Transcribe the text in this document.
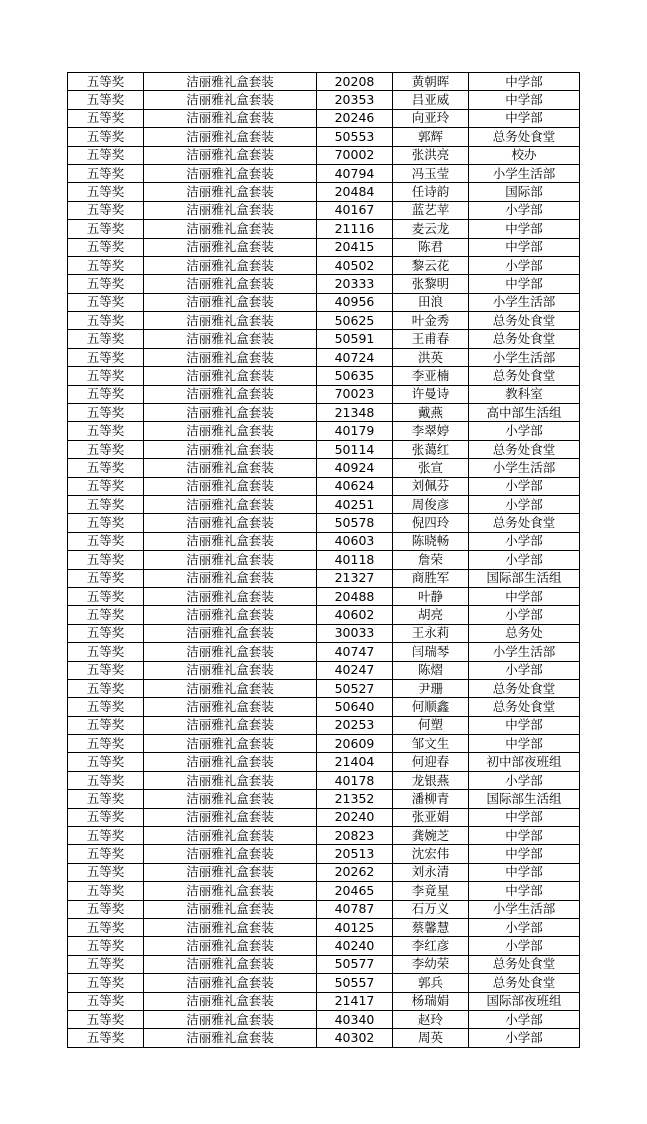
五等奖	洁丽雅礼盒套装	20208	黄朝晖	中学部
五等奖	洁丽雅礼盒套装	20353	吕亚威	中学部
五等奖	洁丽雅礼盒套装	20246	向亚玲	中学部
五等奖	洁丽雅礼盒套装	50553	郭辉	总务处食堂
五等奖	洁丽雅礼盒套装	70002	张洪亮	校办
五等奖	洁丽雅礼盒套装	40794	冯玉莹	小学生活部
五等奖	洁丽雅礼盒套装	20484	任诗韵	国际部
五等奖	洁丽雅礼盒套装	40167	蓝艺苹	小学部
五等奖	洁丽雅礼盒套装	21116	麦云龙	中学部
五等奖	洁丽雅礼盒套装	20415	陈君	中学部
五等奖	洁丽雅礼盒套装	40502	黎云花	小学部
五等奖	洁丽雅礼盒套装	20333	张黎明	中学部
五等奖	洁丽雅礼盒套装	40956	田浪	小学生活部
五等奖	洁丽雅礼盒套装	50625	叶金秀	总务处食堂
五等奖	洁丽雅礼盒套装	50591	王甫春	总务处食堂
五等奖	洁丽雅礼盒套装	40724	洪英	小学生活部
五等奖	洁丽雅礼盒套装	50635	李亚楠	总务处食堂
五等奖	洁丽雅礼盒套装	70023	许曼诗	教科室
五等奖	洁丽雅礼盒套装	21348	戴燕	高中部生活组
五等奖	洁丽雅礼盒套装	40179	李翠婷	小学部
五等奖	洁丽雅礼盒套装	50114	张蔼红	总务处食堂
五等奖	洁丽雅礼盒套装	40924	张宣	小学生活部
五等奖	洁丽雅礼盒套装	40624	刘佩芬	小学部
五等奖	洁丽雅礼盒套装	40251	周俊彦	小学部
五等奖	洁丽雅礼盒套装	50578	倪四玲	总务处食堂
五等奖	洁丽雅礼盒套装	40603	陈晓畅	小学部
五等奖	洁丽雅礼盒套装	40118	詹荣	小学部
五等奖	洁丽雅礼盒套装	21327	商胜军	国际部生活组
五等奖	洁丽雅礼盒套装	20488	叶静	中学部
五等奖	洁丽雅礼盒套装	40602	胡亮	小学部
五等奖	洁丽雅礼盒套装	30033	王永莉	总务处
五等奖	洁丽雅礼盒套装	40747	闫瑞琴	小学生活部
五等奖	洁丽雅礼盒套装	40247	陈熠	小学部
五等奖	洁丽雅礼盒套装	50527	尹珊	总务处食堂
五等奖	洁丽雅礼盒套装	50640	何顺鑫	总务处食堂
五等奖	洁丽雅礼盒套装	20253	何塑	中学部
五等奖	洁丽雅礼盒套装	20609	邹文生	中学部
五等奖	洁丽雅礼盒套装	21404	何迎春	初中部夜班组
五等奖	洁丽雅礼盒套装	40178	龙银燕	小学部
五等奖	洁丽雅礼盒套装	21352	潘柳青	国际部生活组
五等奖	洁丽雅礼盒套装	20240	张亚娟	中学部
五等奖	洁丽雅礼盒套装	20823	龚婉芝	中学部
五等奖	洁丽雅礼盒套装	20513	沈宏伟	中学部
五等奖	洁丽雅礼盒套装	20262	刘永清	中学部
五等奖	洁丽雅礼盒套装	20465	李竟星	中学部
五等奖	洁丽雅礼盒套装	40787	石万义	小学生活部
五等奖	洁丽雅礼盒套装	40125	蔡馨慧	小学部
五等奖	洁丽雅礼盒套装	40240	李红彦	小学部
五等奖	洁丽雅礼盒套装	50577	李幼荣	总务处食堂
五等奖	洁丽雅礼盒套装	50557	郭兵	总务处食堂
五等奖	洁丽雅礼盒套装	21417	杨瑞娟	国际部夜班组
五等奖	洁丽雅礼盒套装	40340	赵玲	小学部
五等奖	洁丽雅礼盒套装	40302	周英	小学部
